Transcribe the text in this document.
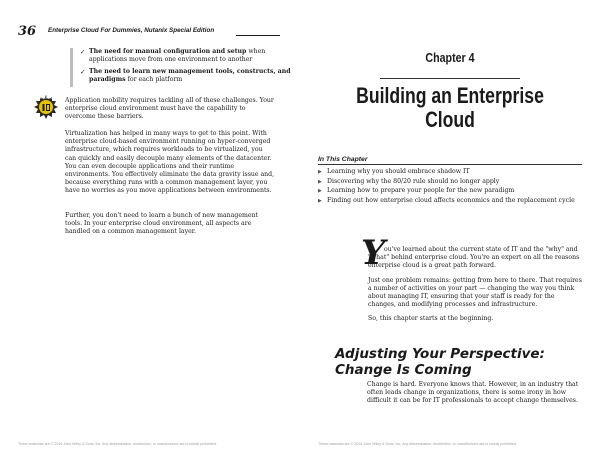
36 Enterprise Cloud For Dummies, Nutanix Special Edition
✓ The need for manual configuration and setup when applications move from one environment to another
✓ The need to learn new management tools, constructs, and paradigms for each platform
REMEMBER Application mobility requires tackling all of these challenges. Your enterprise cloud environment must have the capability to overcome these barriers.
Virtualization has helped in many ways to get to this point. With enterprise cloud-based environment running on hyper-converged infrastructure, which requires workloads to be virtualized, you can quickly and easily decouple many elements of the datacenter. You can even decouple applications and their runtime environments. You effectively eliminate the data gravity issue and, because everything runs with a common management layer, you have no worries as you move applications between environments.
Further, you don't need to learn a bunch of new management tools. In your enterprise cloud environment, all aspects are handled on a common management layer.
These materials are © 2016 John Wiley & Sons, Inc. Any dissemination, distribution, or unauthorized use is strictly prohibited.
Chapter 4
Building an Enterprise Cloud
In This Chapter
▶ Learning why you should embrace shadow IT
▶ Discovering why the 80/20 rule should no longer apply
▶ Learning how to prepare your people for the new paradigm
▶ Finding out how enterprise cloud affects economics and the replacement cycle
Y

ou've learned about the current state of IT and the "why" and "what" behind enterprise cloud. You're an expert on all the reasons enterprise cloud is a great path forward.

Just one problem remains: getting from here to there. That requires a number of activities on your part — changing the way you think about managing IT, ensuring that your staff is ready for the changes, and modifying processes and infrastructure.

So, this chapter starts at the beginning.

Adjusting Your Perspective: Change Is Coming
Change is hard. Everyone knows that. However, in an industry that often leads change in organizations, there is some irony in how difficult it can be for IT professionals to accept change themselves.
These materials are © 2016 John Wiley & Sons, Inc. Any dissemination, distribution, or unauthorized use is strictly prohibited.
